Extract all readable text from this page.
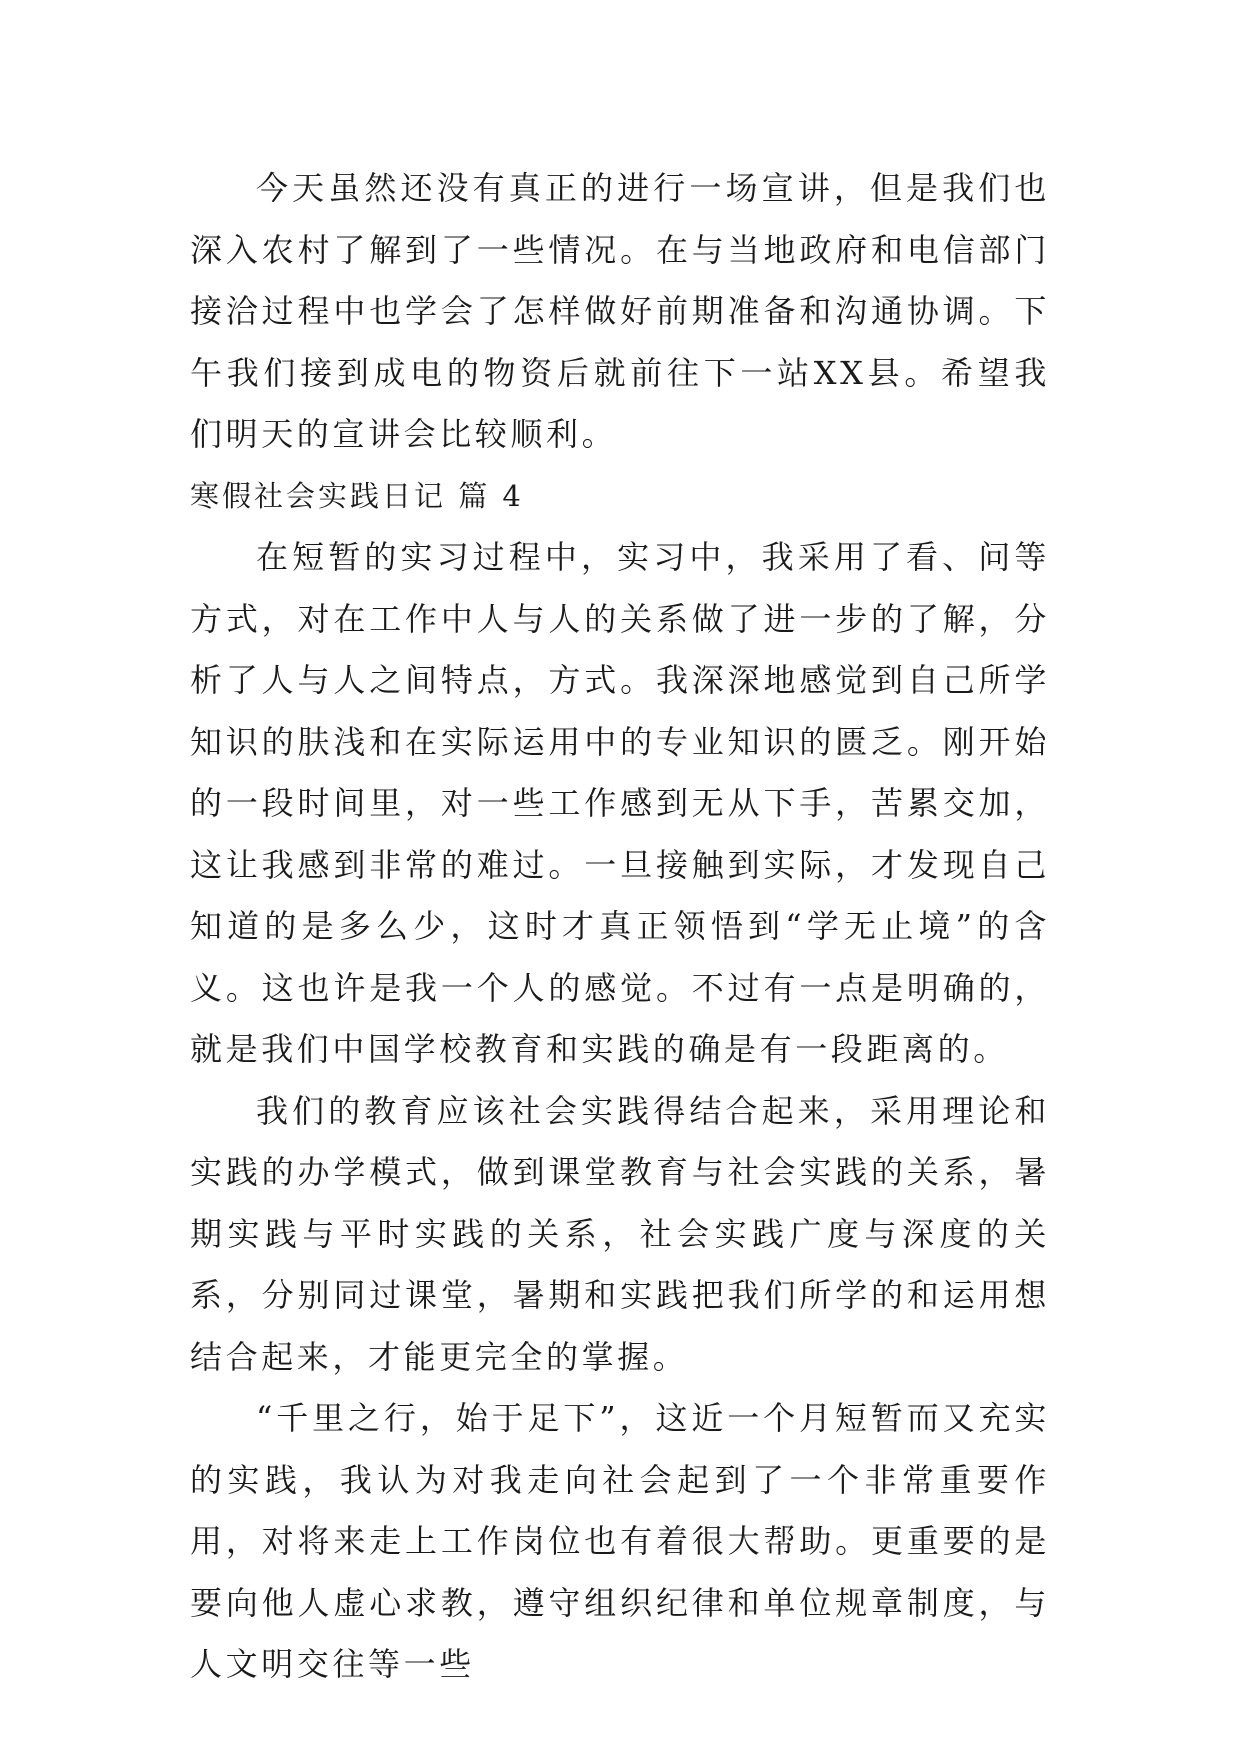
今天虽然还没有真正的进行一场宣讲，但是我们也深入农村了解到了一些情况。在与当地政府和电信部门接洽过程中也学会了怎样做好前期准备和沟通协调。下午我们接到成电的物资后就前往下一站XX县。希望我们明天的宣讲会比较顺利。

寒假社会实践日记 篇 4

在短暂的实习过程中，实习中，我采用了看、问等方式，对在工作中人与人的关系做了进一步的了解，分析了人与人之间特点，方式。我深深地感觉到自己所学知识的肤浅和在实际运用中的专业知识的匮乏。刚开始的一段时间里，对一些工作感到无从下手，苦累交加，这让我感到非常的难过。一旦接触到实际，才发现自己知道的是多么少，这时才真正领悟到“学无止境”的含义。这也许是我一个人的感觉。不过有一点是明确的，就是我们中国学校教育和实践的确是有一段距离的。

我们的教育应该社会实践得结合起来，采用理论和实践的办学模式，做到课堂教育与社会实践的关系，暑期实践与平时实践的关系，社会实践广度与深度的关系，分别同过课堂，暑期和实践把我们所学的和运用想结合起来，才能更完全的掌握。

“千里之行，始于足下”，这近一个月短暂而又充实的实践，我认为对我走向社会起到了一个非常重要作用，对将来走上工作岗位也有着很大帮助。更重要的是要向他人虚心求教，遵守组织纪律和单位规章制度，与人文明交往等一些
